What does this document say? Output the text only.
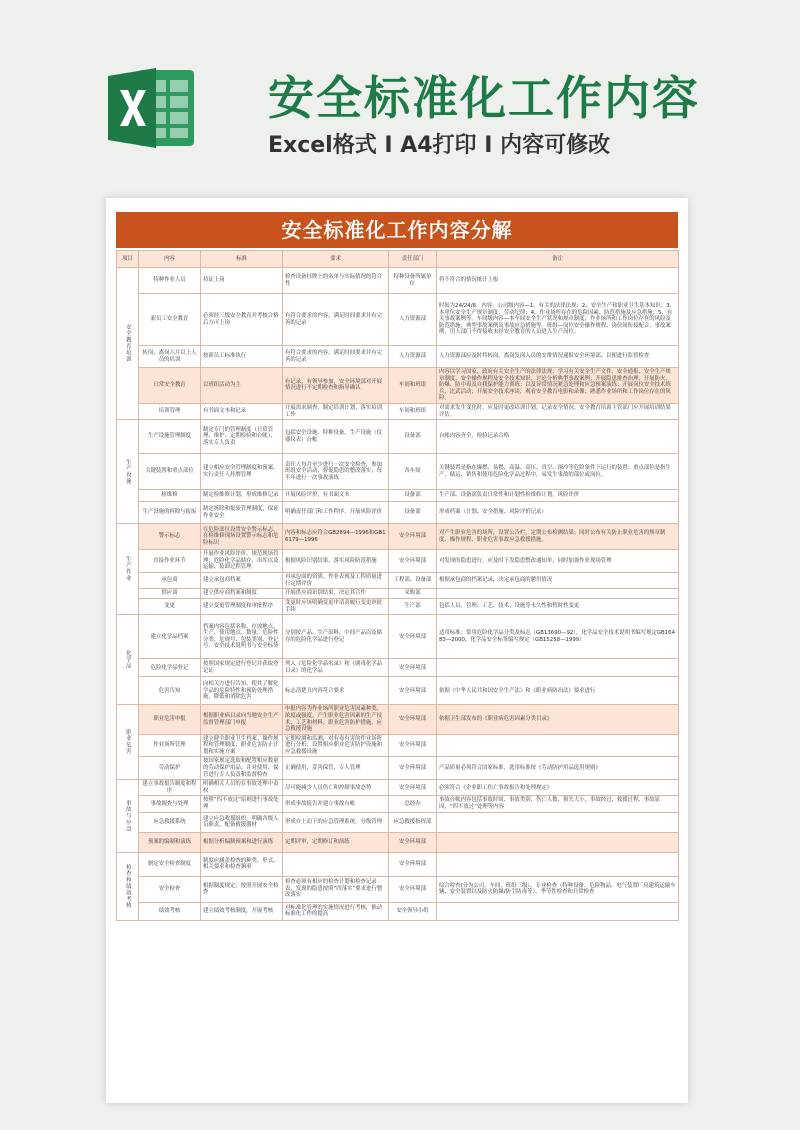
安全标准化工作内容
Excel格式 I A4打印 I 内容可修改
安全标准化工作内容分解
项目	内容	标准	要求	责任部门	备注
安全教育培训	特种作业人员	持证上岗	检查设备挂牌上的名单与实际情况的符合性	特种设备所属单位	将不符合的情况统计上报
	新员工安全教育	必须经三级安全教育并考核合格后方可上岗	有符合要求的内容，满足时间要求并有完善的记录	人力资源部	时间为24/24/8，内容：公司级内容—1、有关的法律法规；2、安全生产和职业卫生基本知识；3、本单位安全生产规章制度、劳动纪律；4、作业场所存在的危险因素、防范措施及应急措施；5、有关事故案例等。车间级内容—本车间安全生产状况和规章制度；作业场所和工作岗位存在的风险及防范措施；典型事故案例及事故应急措施等。班组—岗位安全操作规程、岗位间衔接配合、事故案例，用人部门不得接收未经安全教育的人员进入生产岗位。
	转岗、离岗六月以上人员的培训	按新员工标准执行	有符合要求的内容，满足时间要求并有完善的记录	人力资源部	人力资源部应及时将转岗、离岗复岗人员的安排情况通报安全环境部，以便进行监督检查
	日常安全教育	以班组活动为主	有记录，有领导参加，安全环境部对开展情况进行不定期检查和指导确认	车间和班组	内容以学习国家、政府有关安全生产的法律法规；学习有关安全生产文件、安全通报、安全生产规章制度、安全操作规程及安全技术知识；讨论分析典型事故案例；开展隐患排查治理；开展防火、防爆、防中毒及自我保护能力训练；以及异常情况紧急处理和应急预案演练；开展岗位安全技术练兵、比武活动；开展安全技术座谈，观看安全教育电影和录像；熟悉作业场所和工作岗位存在的风险。
	培训管理	有书面文本和记录	开展需求调查，制定培训计划，落实培训工作	车间和班组	对需求发生变化时，应及时更改培训计划，记录安全情况；安全教育培训主管部门应开展培训结果评估。
生产设施	生产设施管理制度	制定专门的管理制度（日常管理、维护、定期检验和台帐），落实专人负责	包括安全设施、特种设备、生产设施（仪器仪表）台帐	设备部	台帐内容齐全，检验记录合格
	关键装置和重点部位	建立相应安全管理制度和预案，实行责任人挂牌管理	责任人每月至少进行一次安全检查，参加班组安全活动，督促隐患的整改落实；每半年进行一次事故演练	各车间	关键装置是指在爆燃、易燃、高温、高压、真空、深冷等危险条件下运行的装置；重点部位是指生产、储运、销售和使用危险化学品过程中，易发生事故的部位或岗位。
	检维修	制定检维修计划，形成维修记录	开展风险评价，有书面文本	设备部	生产部、设备部负责日常性和计划性检维修计划，风险评价
	生产设施的拆除与报废	制定拆除和报废管理制度，保证作业安全	明确责任部门和工作程序，开展风险评价	设备部	形成档案（计划、安全措施、风险评价记录）
生产作业	警示标志	在危险部位设置安全警示标志，在检维修现场设置警示标志和危险标识	内容和标志应符合GB2894—1996和GB16179—1996	安全环境部	对产生职业危害的场所，设置公告栏，定期公布检测结果；同时公布有关防止职业危害的规章制度、操作规程、职业危害事故应急救援措施。
	直接作业环节	开展作业风险评价，规范现场管理；危险化学品储存、出库以及运输、装卸过程管理	根据风险识别结果，落实风险防范措施	安全环境部	对发现的隐患进行，应及时下发隐患整改通知单，同时加强作业现场管理
	承包商	建立承包商档案	对承包商的资质、作业表现及工程质量进行定期评价	工程部、设备部	根据承包商的档案记录，决定承包商的聘用情况
	供应商	建立供应商档案和制度	开展供应商识别结果，决定其合作	采购部	
	变更	建立变更管理制度和审批程序	变更时应该明确变更申请表履行变更审批手续	生产部	包括人员、管理、工艺、技术、设施等永久性和暂时性变更
化学品	建立化学品档案	档案内容包括名称、存放地点、生产、使用地点、数量、危险性分类、危规号、包装类别、登记号、安全技术说明书与安全标签	分别按产品、生产原料、中间产品以及储存的危险化学品进行登记	安全环境部	适用标准：常用危险化学品分类及标志（GB13690—92），化学品安全技术说明书编写规定GB16483—2000、化学品安全标签编写规定（GB15258—1999）
	危险化学品登记	按照国家规定进行登记并获取登记证	列入《危险化学品名录》和《剧毒化学品目录》的化学品	安全环境部	
	危害告知	向相关方进行告知，使其了解化学品的危险特性和预防处理措施，降低和消除危害	标志清楚且内容符合要求	安全环境部	依据《中华人民共和国安全生产法》和《职业病防治法》要求进行
职业危害	职业危害申报	根据职业病目录向当地安全生产监督管理部门申报	申报内容为作业场所职业危害因素种类、浓度或强度，产生职业危害因素的生产技术、工艺和材料；职业危害防护措施、应急救援设施	安全环境部	依据卫生部发布的《职业病危害因素分类目录》
	作业场所管理	建立健全职业卫生档案；操作规程和管理制度；职业危害防止计划和实施方案	定期检测和监测，对有毒有害的作业场所进行分析；设置相应职业危害防护设施和应急救援设施	安全环境部	
	劳动保护	按国家规定选取和配置相应数量的劳动保护用品；并对使用、保管进行专人负责和监督检查	正确使用，妥善保管，专人管理	安全环境部	产品质量必须符合国家标准，选用标准按《劳动防护用品选用规则》
事故与应急	建立事故报告制度和程序	明确相关人员的在事故处理中责权	尽可能减少人员伤亡和控制事故态势	安全环境部	必须符合《企业职工伤亡事故报告和处理规定》
	事故调查与处理	按照“四不放过”原则进行事故处理	形成事故报告并建立事故台帐	总经办	事故台帐内容包括事故时间、事故类别、伤亡人数、损失大小、事故经过、救援过程、事故原因，“四不放过”处理等内容
	应急救援系统	建立应急救援组织，明确各级人员职责，配备救援器材	形成自上而下的应急管理系统，分级管理	应急救援指挥部	
	预案的编制和演练	根据分析编制预案和进行演练	定期评审，定期修订和演练	安全环境部	
检查和绩效考核	制定安全检查制度	制度应涵盖检查的种类、形式、相关要求和检查频率		安全环境部	
	安全检查	根据制度规定，按照开展安全检查	检查必须有相应的检查计划和检查记录表，发现的隐患按照“四落实”要求进行整改落实	安全环境部	综合检查(分为公司、车间、班组三级）、专业检查（特种设备、危险物品、电气装置厂房建筑运输车辆、安全装置以及防火防爆/防尘防毒等）、季节性检查和日常检查
	绩效考核	建立绩效考核制度，开展考核	对标准化管理的实施情况进行考核，推动标准化工作的提高	安全领导小组	
